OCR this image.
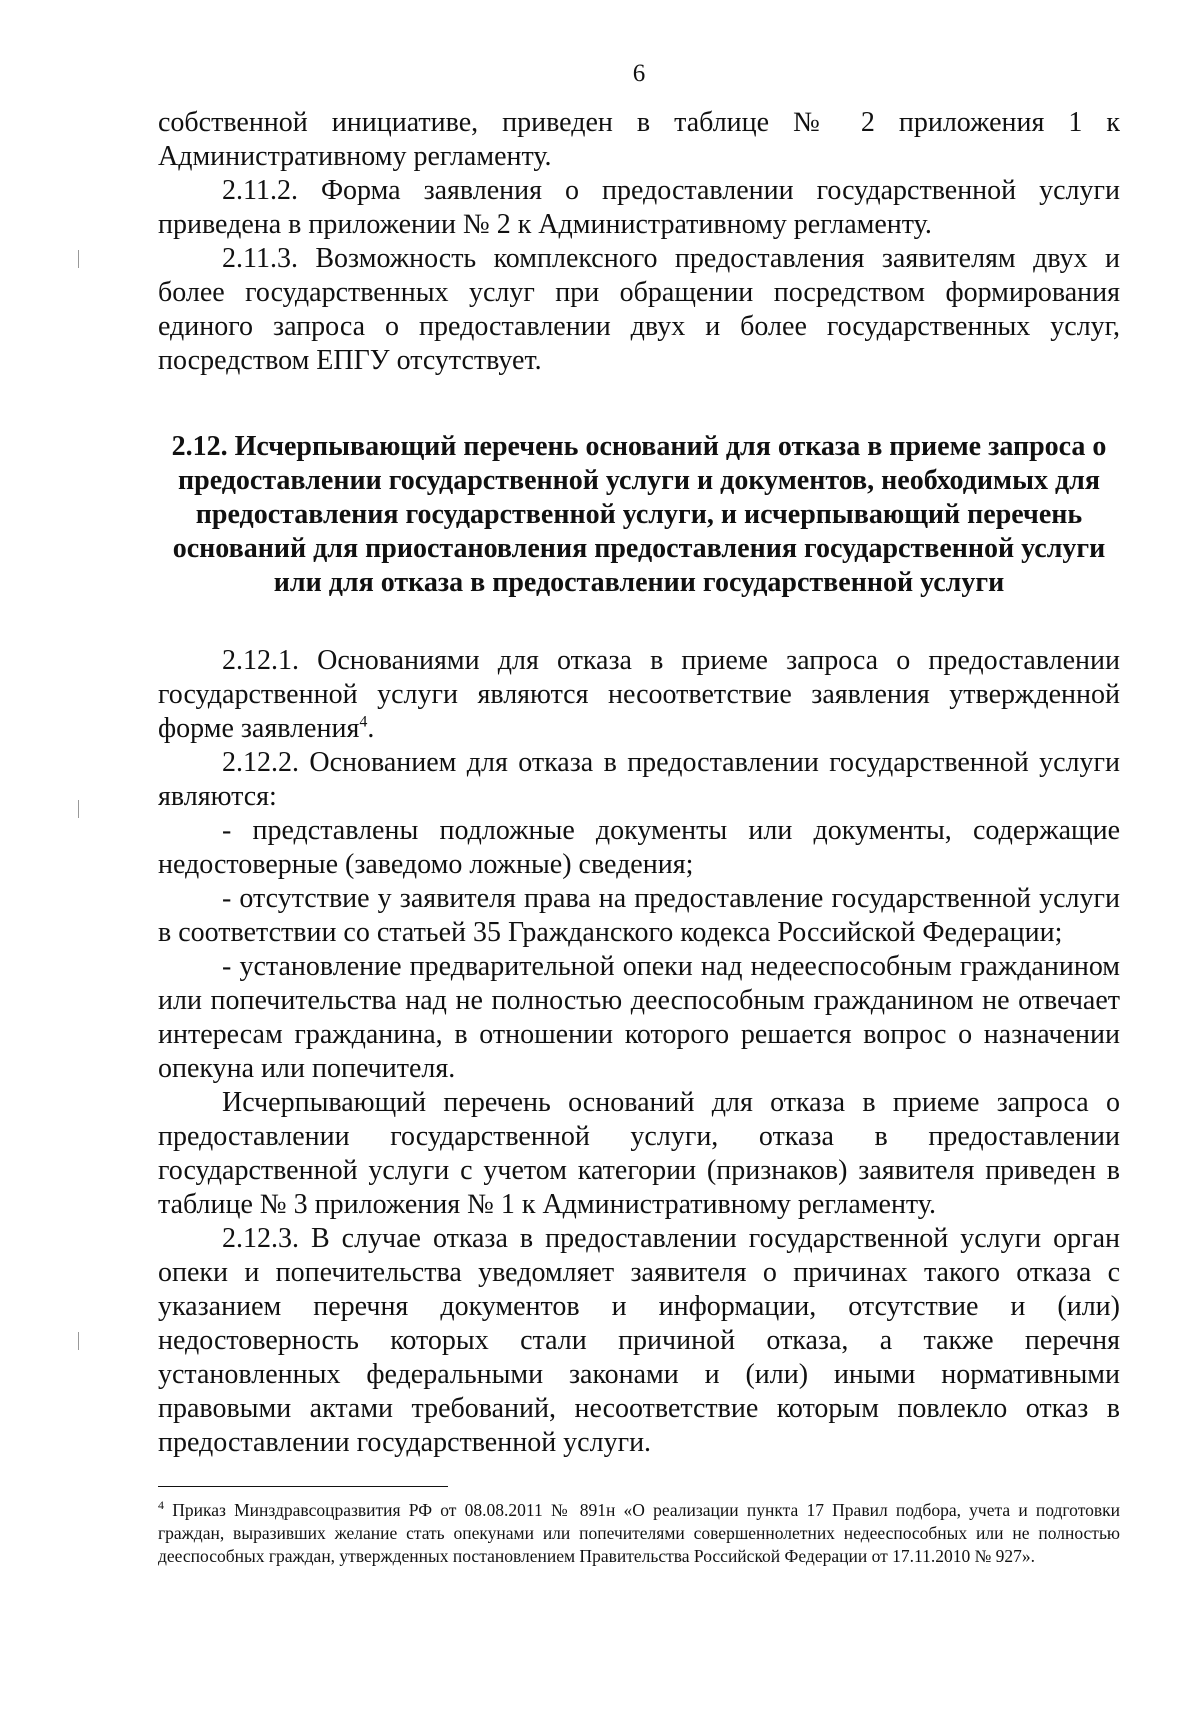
6

собственной инициативе, приведен в таблице № 2 приложения 1 к Административному регламенту.

2.11.2. Форма заявления о предоставлении государственной услуги приведена в приложении № 2 к Административному регламенту.

2.11.3. Возможность комплексного предоставления заявителям двух и более государственных услуг при обращении посредством формирования единого запроса о предоставлении двух и более государственных услуг, посредством ЕПГУ отсутствует.

2.12. Исчерпывающий перечень оснований для отказа в приеме запроса о предоставлении государственной услуги и документов, необходимых для предоставления государственной услуги, и исчерпывающий перечень оснований для приостановления предоставления государственной услуги или для отказа в предоставлении государственной услуги

2.12.1. Основаниями для отказа в приеме запроса о предоставлении государственной услуги являются несоответствие заявления утвержденной форме заявления$^4$.

2.12.2. Основанием для отказа в предоставлении государственной услуги являются:

- представлены подложные документы или документы, содержащие недостоверные (заведомо ложные) сведения;

- отсутствие у заявителя права на предоставление государственной услуги в соответствии со статьей 35 Гражданского кодекса Российской Федерации;

- установление предварительной опеки над недееспособным гражданином или попечительства над не полностью дееспособным гражданином не отвечает интересам гражданина, в отношении которого решается вопрос о назначении опекуна или попечителя.

Исчерпывающий перечень оснований для отказа в приеме запроса о предоставлении государственной услуги, отказа в предоставлении государственной услуги с учетом категории (признаков) заявителя приведен в таблице № 3 приложения № 1 к Административному регламенту.

2.12.3. В случае отказа в предоставлении государственной услуги орган опеки и попечительства уведомляет заявителя о причинах такого отказа с указанием перечня документов и информации, отсутствие и (или) недостоверность которых стали причиной отказа, а также перечня установленных федеральными законами и (или) иными нормативными правовыми актами требований, несоответствие которым повлекло отказ в предоставлении государственной услуги.

$^4$ Приказ Минздравсоцразвития РФ от 08.08.2011 № 891н «О реализации пункта 17 Правил подбора, учета и подготовки граждан, выразивших желание стать опекунами или попечителями совершеннолетних недееспособных или не полностью дееспособных граждан, утвержденных постановлением Правительства Российской Федерации от 17.11.2010 № 927».
